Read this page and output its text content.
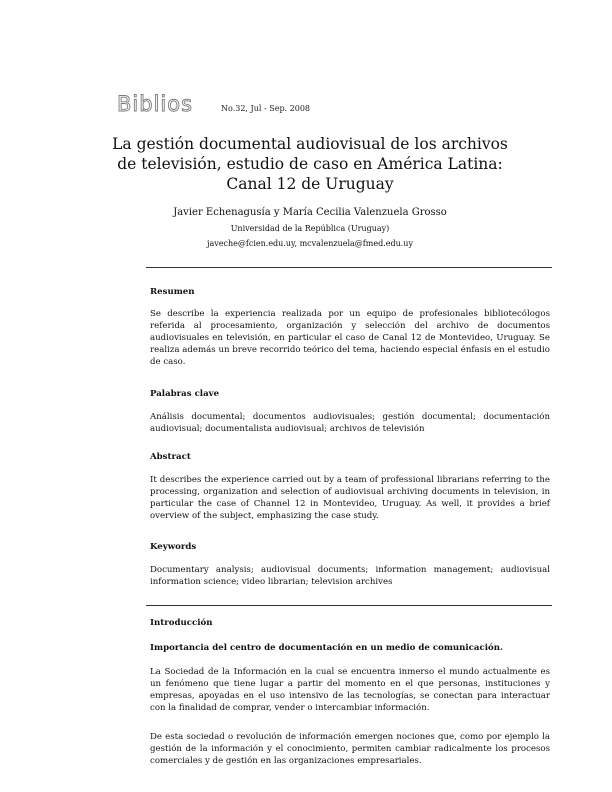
Biblios	No.32, Jul - Sep. 2008
La gestión documental audiovisual de los archivos de televisión, estudio de caso en América Latina: Canal 12 de Uruguay

Javier Echenagusía y María Cecilia Valenzuela Grosso

Universidad de la República (Uruguay)

javeche@fcien.edu.uy, mcvalenzuela@fmed.edu.uy

Resumen

Se describe la experiencia realizada por un equipo de profesionales bibliotecólogos referida al procesamiento, organización y selección del archivo de documentos audiovisuales en televisión, en particular el caso de Canal 12 de Montevideo, Uruguay. Se realiza además un breve recorrido teórico del tema, haciendo especial énfasis en el estudio de caso.

Palabras clave

Análisis documental; documentos audiovisuales; gestión documental; documentación audiovisual; documentalista audiovisual; archivos de televisión

Abstract

It describes the experience carried out by a team of professional librarians referring to the processing, organization and selection of audiovisual archiving documents in television, in particular the case of Channel 12 in Montevideo, Uruguay. As well, it provides a brief overview of the subject, emphasizing the case study.

Keywords

Documentary analysis; audiovisual documents; information management; audiovisual information science; video librarian; television archives

Introducción

Importancia del centro de documentación en un medio de comunicación.

La Sociedad de la Información en la cual se encuentra inmerso el mundo actualmente es un fenómeno que tiene lugar a partir del momento en el que personas, instituciones y empresas, apoyadas en el uso intensivo de las tecnologías, se conectan para interactuar con la finalidad de comprar, vender o intercambiar información.

De esta sociedad o revolución de información emergen nociones que, como por ejemplo la gestión de la información y el conocimiento, permiten cambiar radicalmente los procesos comerciales y de gestión en las organizaciones empresariales.
